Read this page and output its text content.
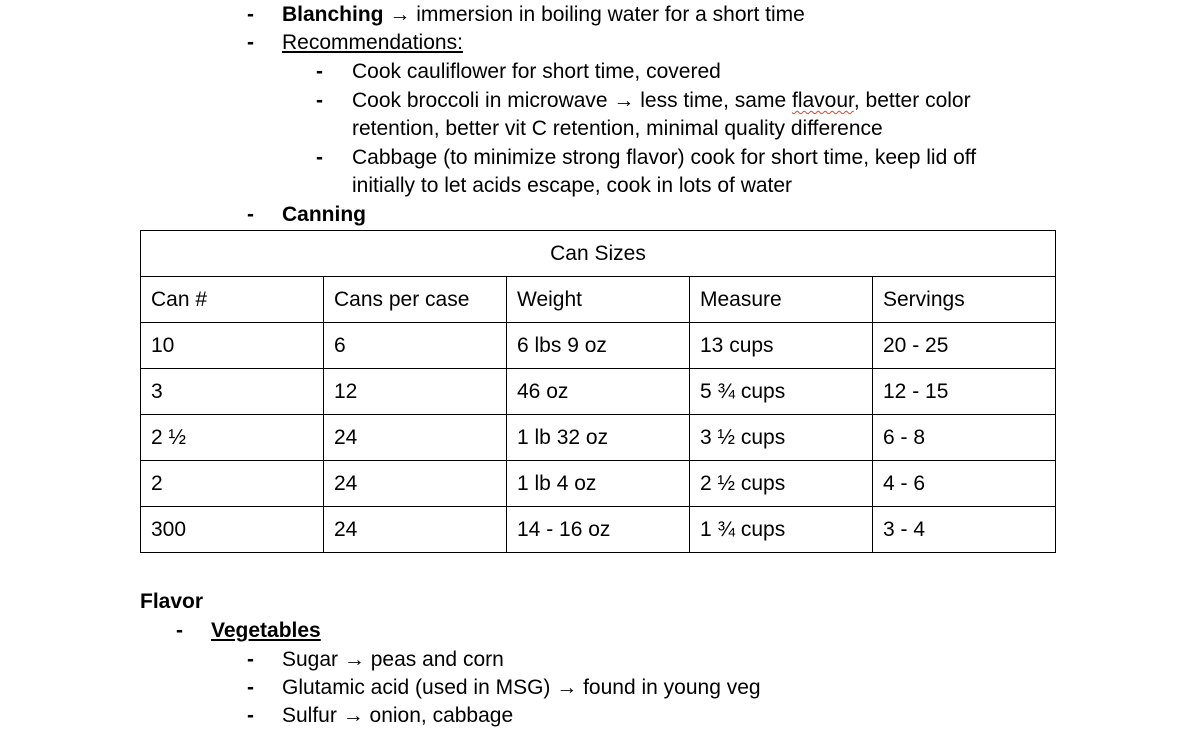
- Blanching → immersion in boiling water for a short time
- Recommendations:
- Cook cauliflower for short time, covered
- Cook broccoli in microwave → less time, same flavour, better color
retention, better vit C retention, minimal quality difference
- Cabbage (to minimize strong flavor) cook for short time, keep lid off
initially to let acids escape, cook in lots of water
- Canning
Can Sizes				
Can #	Cans per case	Weight	Measure	Servings
10	6	6 lbs 9 oz	13 cups	20 - 25
3	12	46 oz	5 ¾ cups	12 - 15
2 ½	24	1 lb 32 oz	3 ½ cups	6 - 8
2	24	1 lb 4 oz	2 ½ cups	4 - 6
300	24	14 - 16 oz	1 ¾ cups	3 - 4
Flavor
- Vegetables
- Sugar → peas and corn
- Glutamic acid (used in MSG) → found in young veg
- Sulfur → onion, cabbage
